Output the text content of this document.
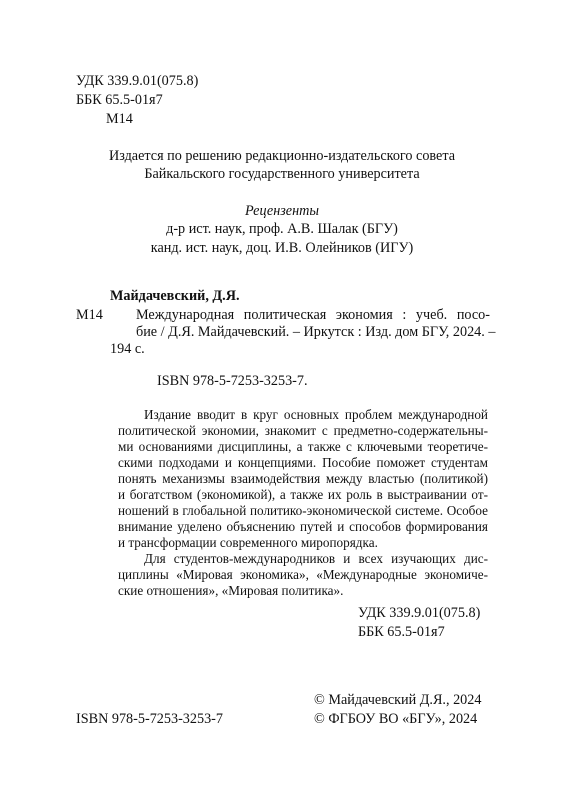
УДК 339.9.01(075.8)
ББК 65.5-01я7
М14
Издается по решению редакционно-издательского совета
Байкальского государственного университета
Рецензенты
д-р ист. наук, проф. А.В. Шалак (БГУ)
канд. ист. наук, доц. И.В. Олейников (ИГУ)
Майдачевский, Д.Я.
М14 Международная политическая экономия : учеб. посо-
бие / Д.Я. Майдачевский. – Иркутск : Изд. дом БГУ, 2024. –
194 с.
ISBN 978-5-7253-3253-7.
Издание вводит в круг основных проблем международной
политической экономии, знакомит с предметно-содержательны-
ми основаниями дисциплины, а также с ключевыми теоретиче-
скими подходами и концепциями. Пособие поможет студентам
понять механизмы взаимодействия между властью (политикой)
и богатством (экономикой), а также их роль в выстраивании от-
ношений в глобальной политико-экономической системе. Особое
внимание уделено объяснению путей и способов формирования
и трансформации современного миропорядка.
Для студентов-международников и всех изучающих дис-
циплины «Мировая экономика», «Международные экономиче-
ские отношения», «Мировая политика».
УДК 339.9.01(075.8)
ББК 65.5-01я7
© Майдачевский Д.Я., 2024
ISBN 978-5-7253-3253-7	© ФГБОУ ВО «БГУ», 2024
